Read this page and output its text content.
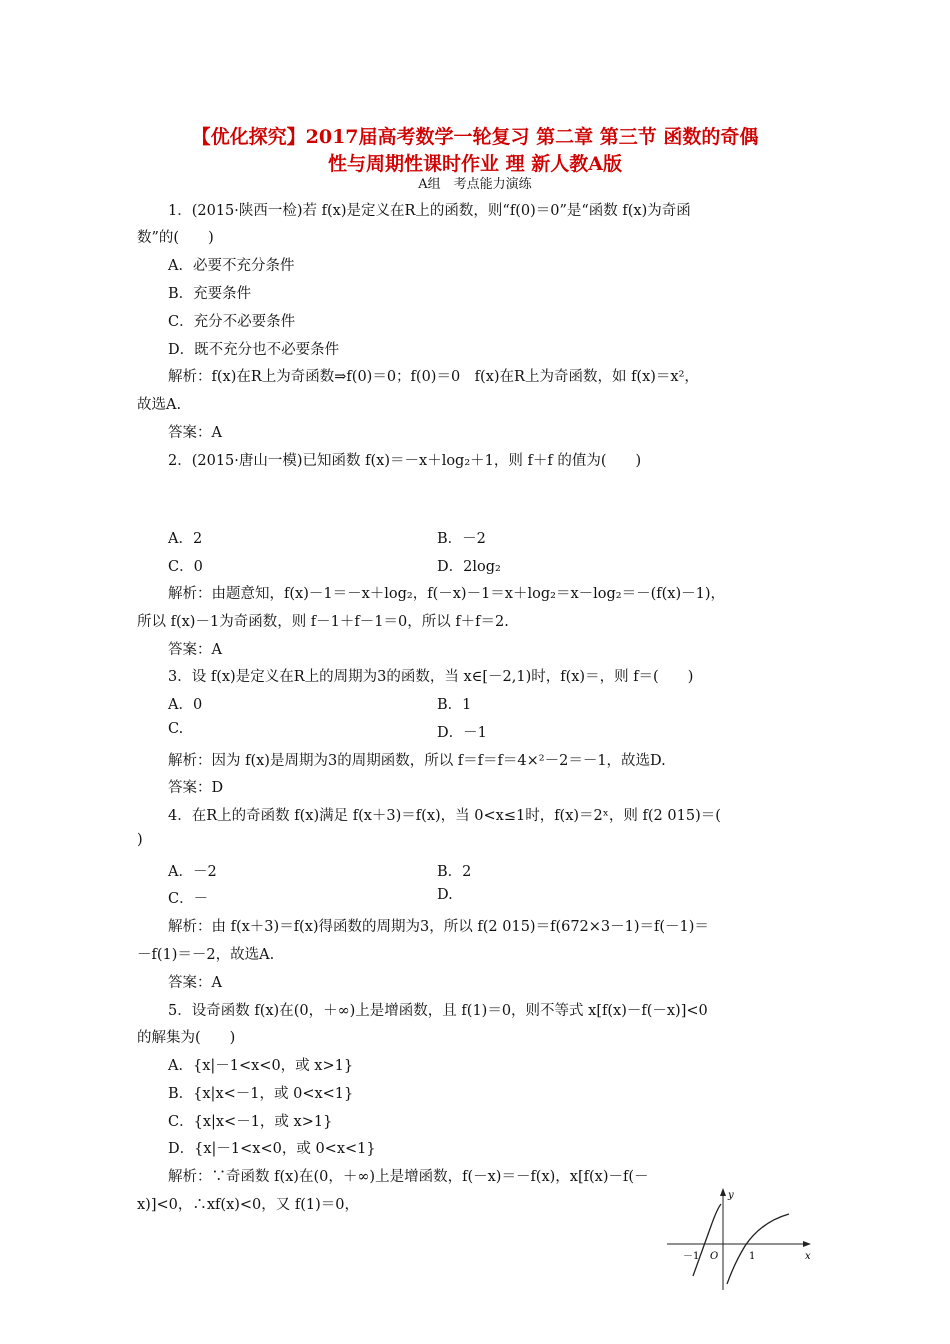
【优化探究】2017届高考数学一轮复习 第二章 第三节 函数的奇偶
性与周期性课时作业 理 新人教A版
A组　考点能力演练
1．(2015·陕西一检)若 f(x)是定义在R上的函数，则“f(0)＝0”是“函数 f(x)为奇函
数”的(　　)
A．必要不充分条件
B．充要条件
C．充分不必要条件
D．既不充分也不必要条件
解析：f(x)在R上为奇函数⇒f(0)＝0；f(0)＝0　f(x)在R上为奇函数，如 f(x)＝x²，
故选A.
答案：A
2．(2015·唐山一模)已知函数 f(x)＝－x＋log₂＋1，则 f＋f 的值为(　　)
A．2	B．－2
C．0	D．2log₂
解析：由题意知，f(x)－1＝－x＋log₂，f(－x)－1＝x＋log₂＝x－log₂＝－(f(x)－1)，
所以 f(x)－1为奇函数，则 f－1＋f－1＝0，所以 f＋f＝2.
答案：A
3．设 f(x)是定义在R上的周期为3的函数，当 x∈[－2,1)时，f(x)＝，则 f＝(　　)
A．0	B．1
C.	D．－1
解析：因为 f(x)是周期为3的周期函数，所以 f＝f＝f＝4×²－2＝－1，故选D.
答案：D
4．在R上的奇函数 f(x)满足 f(x＋3)＝f(x)，当 0<x≤1时，f(x)＝2ˣ，则 f(2 015)＝(
)
A．－2	B．2
C．－	D.
解析：由 f(x＋3)＝f(x)得函数的周期为3，所以 f(2 015)＝f(672×3－1)＝f(－1)＝
－f(1)＝－2，故选A.
答案：A
5．设奇函数 f(x)在(0，＋∞)上是增函数，且 f(1)＝0，则不等式 x[f(x)－f(－x)]<0
的解集为(　　)
A．{x|－1<x<0，或 x>1}
B．{x|x<－1，或 0<x<1}
C．{x|x<－1，或 x>1}
D．{x|－1<x<0，或 0<x<1}
解析：∵奇函数 f(x)在(0，＋∞)上是增函数，f(－x)＝－f(x)，x[f(x)－f(－
x)]<0，∴xf(x)<0，又 f(1)＝0，
y
x
O
－1	1
